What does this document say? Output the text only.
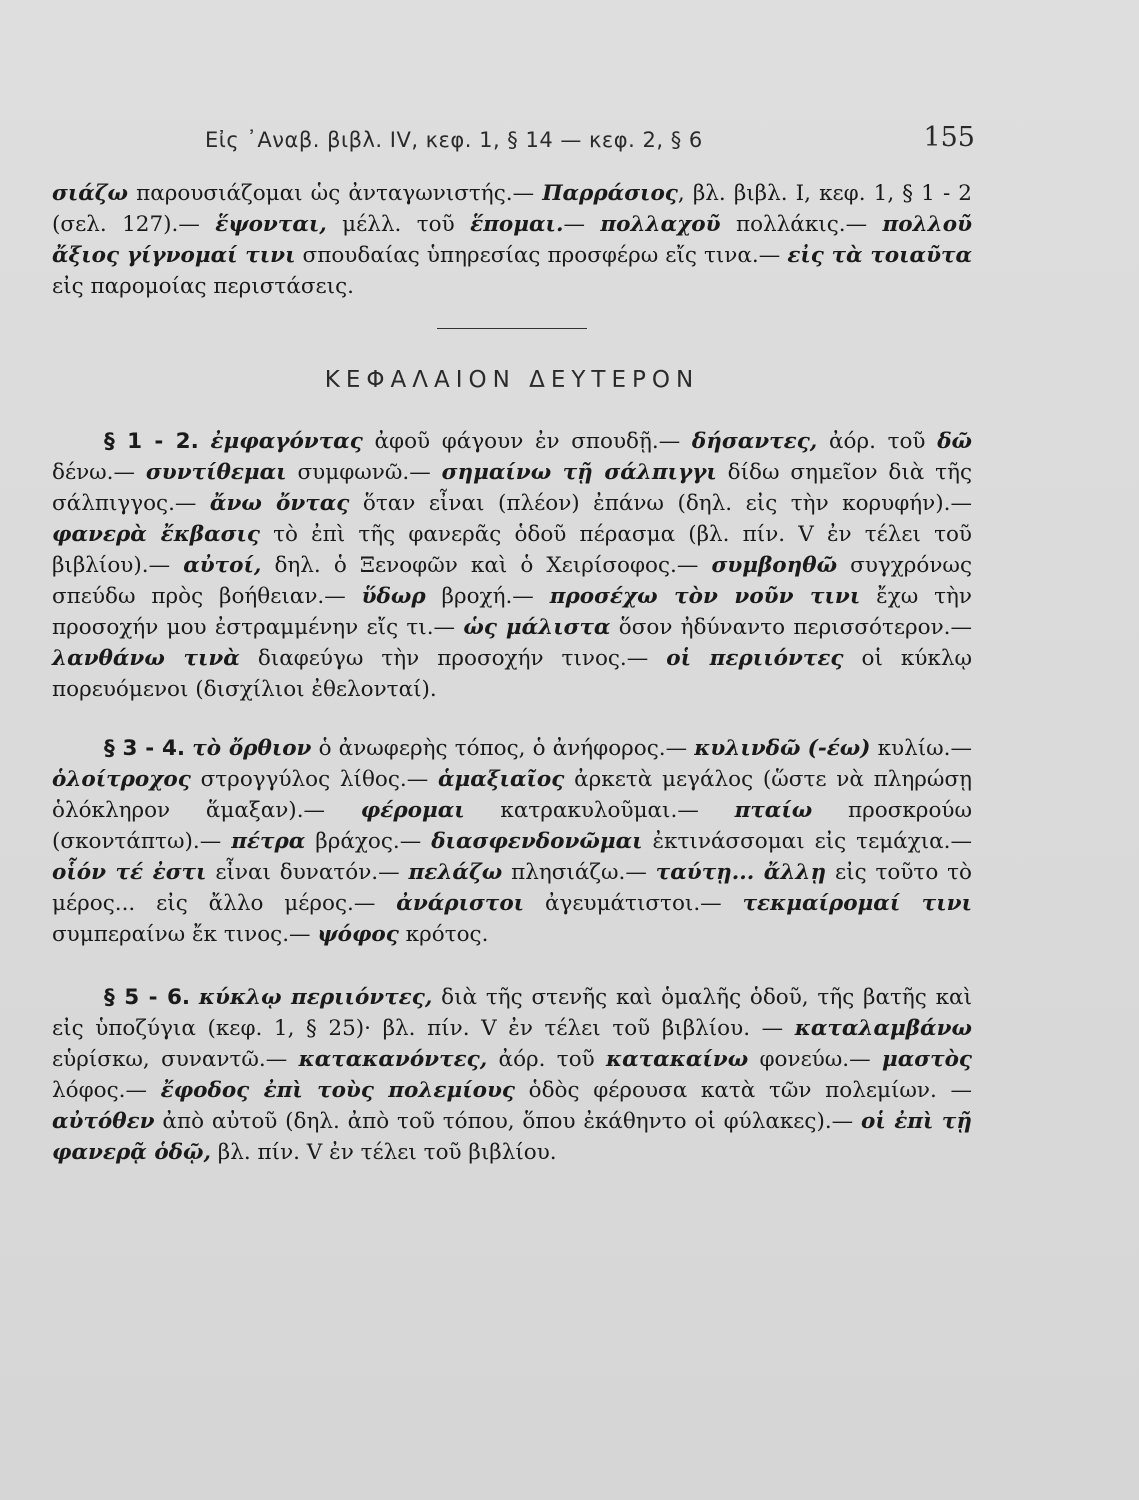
Εἰς ᾿Αναβ. βιβλ. IV, κεφ. 1, § 14 — κεφ. 2, § 6	155

σιάζω παρουσιάζομαι ὡς ἀνταγωνιστής.— Παρράσιος, βλ. βιβλ. I, κεφ. 1, § 1 - 2 (σελ. 127).— ἕψονται, μέλλ. τοῦ ἕπομαι.— πολλαχοῦ πολλάκις.— πολλοῦ ἄξιος γίγνομαί τινι σπουδαίας ὑπηρεσίας προσφέρω εἴς τινα.— εἰς τὰ τοιαῦτα εἰς παρομοίας περιστάσεις.

ΚΕΦΑΛΑΙΟΝ ΔΕΥΤΕΡΟΝ

§ 1 - 2. ἐμφαγόντας ἀφοῦ φάγουν ἐν σπουδῇ.— δήσαντες, ἀόρ. τοῦ δῶ δένω.— συντίθεμαι συμφωνῶ.— σημαίνω τῇ σάλπιγγι δίδω σημεῖον διὰ τῆς σάλπιγγος.— ἄνω ὄντας ὅταν εἶναι (πλέον) ἐπάνω (δηλ. εἰς τὴν κορυφήν).— φανερὰ ἔκβασις τὸ ἐπὶ τῆς φανερᾶς ὁδοῦ πέρασμα (βλ. πίν. V ἐν τέλει τοῦ βιβλίου).— αὐτοί, δηλ. ὁ Ξενοφῶν καὶ ὁ Χειρίσοφος.— συμβοηθῶ συγχρόνως σπεύδω πρὸς βοήθειαν.— ὕδωρ βροχή.— προσέχω τὸν νοῦν τινι ἔχω τὴν προσοχήν μου ἐστραμμένην εἴς τι.— ὡς μάλιστα ὅσον ἠδύναντο περισσότερον.— λανθάνω τινὰ διαφεύγω τὴν προσοχήν τινος.— οἱ περιιόντες οἱ κύκλῳ πορευόμενοι (δισχίλιοι ἐθελονταί).

§ 3 - 4. τὸ ὄρθιον ὁ ἀνωφερὴς τόπος, ὁ ἀνήφορος.— κυλινδῶ (-έω) κυλίω.— ὁλοίτροχος στρογγύλος λίθος.— ἁμαξιαῖος ἀρκετὰ μεγάλος (ὥστε νὰ πληρώσῃ ὁλόκληρον ἅμαξαν).— φέρομαι κατρακυλοῦμαι.— πταίω προσκρούω (σκοντάπτω).— πέτρα βράχος.— διασφενδονῶμαι ἐκτινάσσομαι εἰς τεμάχια.— οἷόν τέ ἐστι εἶναι δυνατόν.— πελάζω πλησιάζω.— ταύτῃ... ἄλλῃ εἰς τοῦτο τὸ μέρος... εἰς ἄλλο μέρος.— ἀνάριστοι ἀγευμάτιστοι.— τεκμαίρομαί τινι συμπεραίνω ἔκ τινος.— ψόφος κρότος.

§ 5 - 6. κύκλῳ περιιόντες, διὰ τῆς στενῆς καὶ ὁμαλῆς ὁδοῦ, τῆς βατῆς καὶ εἰς ὑποζύγια (κεφ. 1, § 25)· βλ. πίν. V ἐν τέλει τοῦ βιβλίου. — καταλαμβάνω εὑρίσκω, συναντῶ.— κατακανόντες, ἀόρ. τοῦ κατακαίνω φονεύω.— μαστὸς λόφος.— ἔφοδος ἐπὶ τοὺς πολεμίους ὁδὸς φέρουσα κατὰ τῶν πολεμίων. — αὐτόθεν ἀπὸ αὐτοῦ (δηλ. ἀπὸ τοῦ τόπου, ὅπου ἐκάθηντο οἱ φύλακες).— οἱ ἐπὶ τῇ φανερᾷ ὁδῷ, βλ. πίν. V ἐν τέλει τοῦ βιβλίου.
